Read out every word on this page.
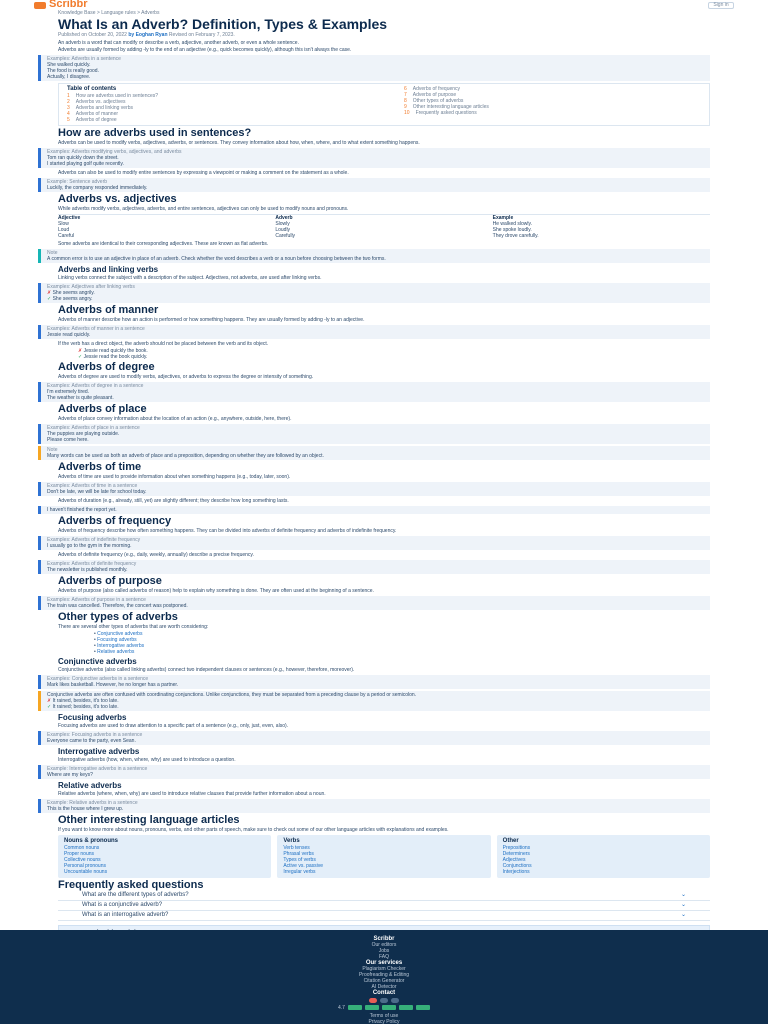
Scribbr	Sign in
Knowledge Base > Language rules > Adverbs
What Is an Adverb? Definition, Types & Examples
Published on October 20, 2022 by Eoghan Ryan Revised on February 7, 2023.
An adverb is a word that can modify or describe a verb, adjective, another adverb, or even a whole sentence.
Adverbs are usually formed by adding -ly to the end of an adjective (e.g., quick becomes quickly), although this isn't always the case.
Examples: Adverbs in a sentence
She walked quickly.
The food is really good.
Actually, I disagree.
Table of contents
1 How are adverbs used in sentences?
2 Adverbs vs. adjectives
3 Adverbs and linking verbs
4 Adverbs of manner
5 Adverbs of degree
6 Adverbs of frequency
7 Adverbs of purpose
8 Other types of adverbs
9 Other interesting language articles
10 Frequently asked questions
How are adverbs used in sentences?
Adverbs can be used to modify verbs, adjectives, adverbs, or sentences. They convey information about how, when, where, and to what extent something happens.
Examples: Adverbs modifying verbs, adjectives, and adverbs
Tom ran quickly down the street.
I started playing golf quite recently.
Adverbs can also be used to modify entire sentences by expressing a viewpoint or making a comment on the statement as a whole.
Example: Sentence adverb
Luckily, the company responded immediately.
Adverbs vs. adjectives
While adverbs modify verbs, adjectives, adverbs, and entire sentences, adjectives can only be used to modify nouns and pronouns.
Adjective	Adverb	Example
Slow	Slowly	He walked slowly.
Loud	Loudly	She spoke loudly.
Careful	Carefully	They drove carefully.
Some adverbs are identical to their corresponding adjectives. These are known as flat adverbs.
Note
A common error is to use an adjective in place of an adverb. Check whether the word describes a verb or a noun before choosing between the two forms.
Adverbs and linking verbs
Linking verbs connect the subject with a description of the subject. Adjectives, not adverbs, are used after linking verbs.
Examples: Adjectives after linking verbs
✗ She seems angrily.
✓ She seems angry.
Adverbs of manner
Adverbs of manner describe how an action is performed or how something happens. They are usually formed by adding -ly to an adjective.
Examples: Adverbs of manner in a sentence
Jessie read quickly.
If the verb has a direct object, the adverb should not be placed between the verb and its object.
✗ Jessie read quickly the book.
✓ Jessie read the book quickly.
Adverbs of degree
Adverbs of degree are used to modify verbs, adjectives, or adverbs to express the degree or intensity of something.
Examples: Adverbs of degree in a sentence
I'm extremely tired.
The weather is quite pleasant.
Adverbs of place
Adverbs of place convey information about the location of an action (e.g., anywhere, outside, here, there).
Examples: Adverbs of place in a sentence
The puppies are playing outside.
Please come here.
Note
Many words can be used as both an adverb of place and a preposition, depending on whether they are followed by an object.
Adverbs of time
Adverbs of time are used to provide information about when something happens (e.g., today, later, soon).
Examples: Adverbs of time in a sentence
Don't be late, we will be late for school today.
Adverbs of duration (e.g., already, still, yet) are slightly different; they describe how long something lasts.
I haven't finished the report yet.
Adverbs of frequency
Adverbs of frequency describe how often something happens. They can be divided into adverbs of definite frequency and adverbs of indefinite frequency.
Examples: Adverbs of indefinite frequency
I usually go to the gym in the morning.
Adverbs of definite frequency (e.g., daily, weekly, annually) describe a precise frequency.
Examples: Adverbs of definite frequency
The newsletter is published monthly.
Adverbs of purpose
Adverbs of purpose (also called adverbs of reason) help to explain why something is done. They are often used at the beginning of a sentence.
Examples: Adverbs of purpose in a sentence
The train was cancelled. Therefore, the concert was postponed.
Other types of adverbs
There are several other types of adverbs that are worth considering:
• Conjunctive adverbs
• Focusing adverbs
• Interrogative adverbs
• Relative adverbs
Conjunctive adverbs
Conjunctive adverbs (also called linking adverbs) connect two independent clauses or sentences (e.g., however, therefore, moreover).
Examples: Conjunctive adverbs in a sentence
Mark likes basketball. However, he no longer has a partner.
Conjunctive adverbs are often confused with coordinating conjunctions. Unlike conjunctions, they must be separated from a preceding clause by a period or semicolon.
✗ It rained, besides, it's too late.
✓ It rained; besides, it's too late.
Focusing adverbs
Focusing adverbs are used to draw attention to a specific part of a sentence (e.g., only, just, even, also).
Examples: Focusing adverbs in a sentence
Everyone came to the party, even Sean.
Interrogative adverbs
Interrogative adverbs (how, when, where, why) are used to introduce a question.
Example: Interrogative adverbs in a sentence
Where are my keys?
Relative adverbs
Relative adverbs (where, when, why) are used to introduce relative clauses that provide further information about a noun.
Example: Relative adverbs in a sentence
This is the house where I grew up.
Other interesting language articles
If you want to know more about nouns, pronouns, verbs, and other parts of speech, make sure to check out some of our other language articles with explanations and examples.
Nouns & pronouns
Common nouns
Proper nouns
Collective nouns
Personal pronouns
Uncountable nouns
Verbs
Verb tenses
Phrasal verbs
Types of verbs
Active vs. passive
Irregular verbs
Other
Prepositions
Determiners
Adjectives
Conjunctions
Interjections
Frequently asked questions
What are the different types of adverbs?	⌄
What is a conjunctive adverb?	⌄
What is an interrogative adverb?	⌄
Scribbr
Our editors
Jobs
FAQ
Our services
Plagiarism Checker
Proofreading & Editing
Citation Generator
AI Detector
Contact
4.7
Terms of use
Privacy Policy
